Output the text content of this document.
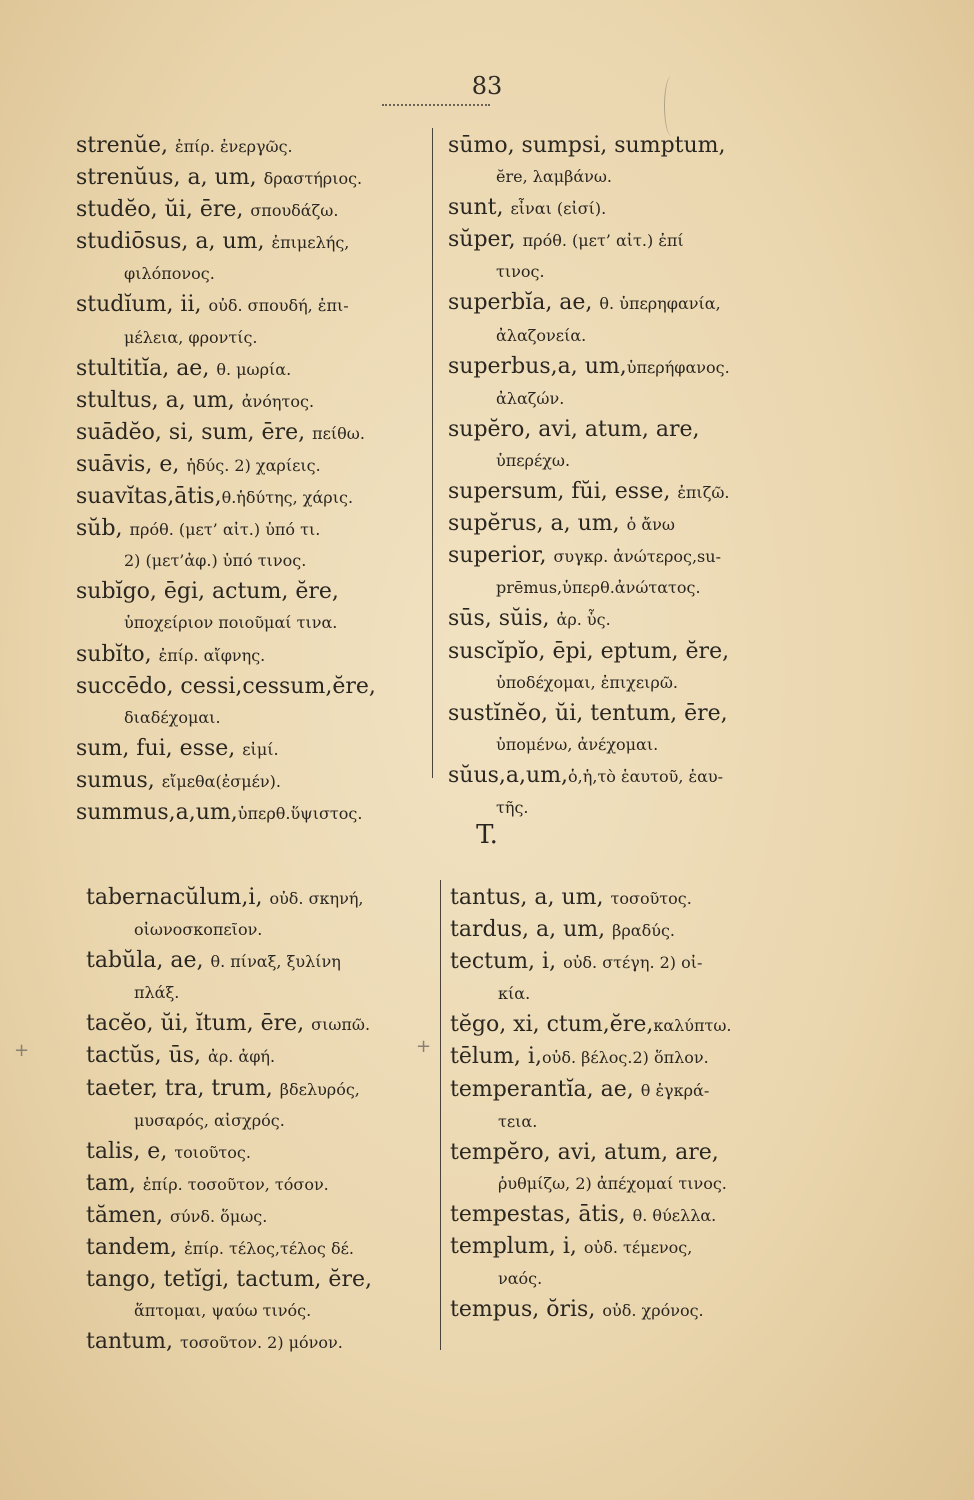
83

strenŭe, ἐπίρ. ἐνεργῶς.

strenŭus, a, um, δραστήριος.

studĕo, ŭi, ēre, σπουδάζω.

studiōsus, a, um, ἐπιμελής,
φιλόπονος.

studĭum, ii, οὐδ. σπουδή, ἐπι-
μέλεια, φροντίς.

stultitĭa, ae, θ. μωρία.

stultus, a, um, ἀνόητος.

suādĕo, si, sum, ēre, πείθω.

suāvis, e, ἡδύς. 2) χαρίεις.

suavĭtas,ātis,θ.ἡδύτης, χάρις.

sŭb, πρόθ. (μετ’ αἰτ.) ὑπό τι.
2) (μετ’ἀφ.) ὑπό τινος.

subĭgo, ēgi, actum, ĕre,
ὑποχείριον ποιοῦμαί τινα.

subĭto, ἐπίρ. αἴφνης.

succēdo, cessi,cessum,ĕre,
διαδέχομαι.

sum, fui, esse, εἰμί.

sumus, εἴμεθα(ἐσμέν).

summus,a,um,ὑπερθ.ὕψιστος.

sūmo, sumpsi, sumptum,
ĕre, λαμβάνω.

sunt, εἶναι (εἰσί).

sŭper, πρόθ. (μετ’ αἰτ.) ἐπί
τινος.

superbĭa, ae, θ. ὑπερηφανία,
ἀλαζονεία.

superbus,a, um,ὑπερήφανος.
ἀλαζών.

supĕro, avi, atum, are,
ὑπερέχω.

supersum, fŭi, esse, ἐπιζῶ.

supĕrus, a, um, ὁ ἄνω

superior, συγκρ. ἀνώτερος,su-
prēmus,ὑπερθ.ἀνώτατος.

sūs, sŭis, ἀρ. ὗς.

suscĭpĭo, ēpi, eptum, ĕre,
ὑποδέχομαι, ἐπιχειρῶ.

sustĭnĕo, ŭi, tentum, ēre,
ὑπομένω, ἀνέχομαι.

sŭus,a,um,ὁ,ἡ,τὸ ἑαυτοῦ, ἑαυ-
τῆς.

T.

tabernacŭlum,i, οὐδ. σκηνή,
οἰωνοσκοπεῖον.

tabŭla, ae, θ. πίναξ, ξυλίνη
πλάξ.

tacĕo, ŭi, ĭtum, ēre, σιωπῶ.

tactŭs, ūs, ἀρ. ἀφή.

taeter, tra, trum, βδελυρός,
μυσαρός, αἰσχρός.

talis, e, τοιοῦτος.

tam, ἐπίρ. τοσοῦτον, τόσον.

tămen, σύνδ. ὅμως.

tandem, ἐπίρ. τέλος,τέλος δέ.

tango, tetĭgi, tactum, ĕre,
ἅπτομαι, ψαύω τινός.

tantum, τοσοῦτον. 2) μόνον.

tantus, a, um, τοσοῦτος.

tardus, a, um, βραδύς.

tectum, i, οὐδ. στέγη. 2) οἰ-
κία.

tĕgo, xi, ctum,ĕre,καλύπτω.

tēlum, i,οὐδ. βέλος.2) ὅπλον.

temperantĭa, ae, θ ἐγκρά-
τεια.

tempĕro, avi, atum, are,
ῥυθμίζω, 2) ἀπέχομαί τινος.

tempestas, ātis, θ. θύελλα.

templum, i, οὐδ. τέμενος,
ναός.

tempus, ŏris, οὐδ. χρόνος.

+	+
